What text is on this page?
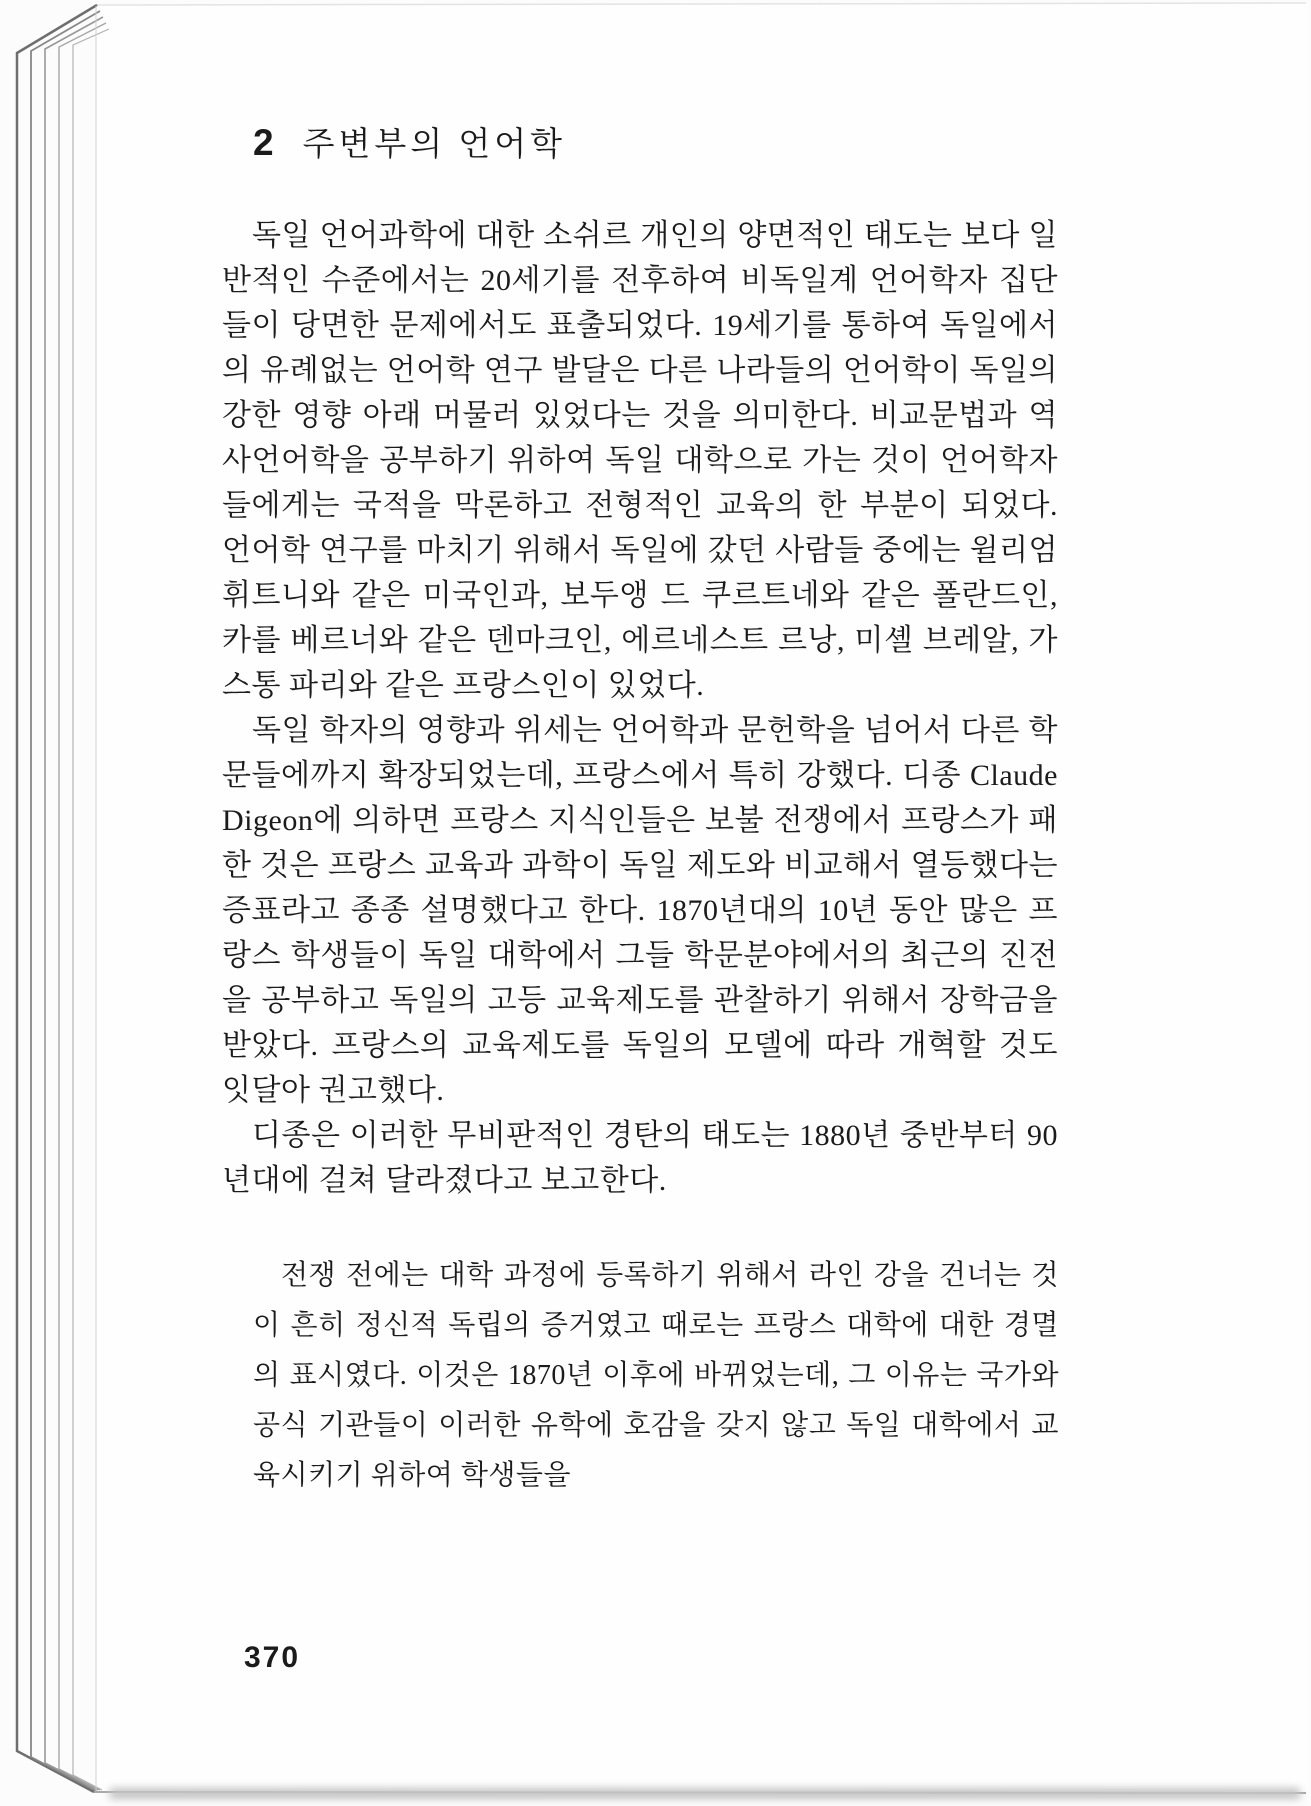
2 주변부의 언어학

독일 언어과학에 대한 소쉬르 개인의 양면적인 태도는 보다 일반적인 수준에서는 20세기를 전후하여 비독일계 언어학자 집단들이 당면한 문제에서도 표출되었다. 19세기를 통하여 독일에서의 유례없는 언어학 연구 발달은 다른 나라들의 언어학이 독일의 강한 영향 아래 머물러 있었다는 것을 의미한다. 비교문법과 역사언어학을 공부하기 위하여 독일 대학으로 가는 것이 언어학자들에게는 국적을 막론하고 전형적인 교육의 한 부분이 되었다. 언어학 연구를 마치기 위해서 독일에 갔던 사람들 중에는 윌리엄 휘트니와 같은 미국인과, 보두앵 드 쿠르트네와 같은 폴란드인, 카를 베르너와 같은 덴마크인, 에르네스트 르낭, 미셸 브레알, 가스통 파리와 같은 프랑스인이 있었다.

독일 학자의 영향과 위세는 언어학과 문헌학을 넘어서 다른 학문들에까지 확장되었는데, 프랑스에서 특히 강했다. 디종 Claude Digeon에 의하면 프랑스 지식인들은 보불 전쟁에서 프랑스가 패한 것은 프랑스 교육과 과학이 독일 제도와 비교해서 열등했다는 증표라고 종종 설명했다고 한다. 1870년대의 10년 동안 많은 프랑스 학생들이 독일 대학에서 그들 학문분야에서의 최근의 진전을 공부하고 독일의 고등 교육제도를 관찰하기 위해서 장학금을 받았다. 프랑스의 교육제도를 독일의 모델에 따라 개혁할 것도 잇달아 권고했다.

디종은 이러한 무비판적인 경탄의 태도는 1880년 중반부터 90년대에 걸쳐 달라졌다고 보고한다.

전쟁 전에는 대학 과정에 등록하기 위해서 라인 강을 건너는 것이 흔히 정신적 독립의 증거였고 때로는 프랑스 대학에 대한 경멸의 표시였다. 이것은 1870년 이후에 바뀌었는데, 그 이유는 국가와 공식 기관들이 이러한 유학에 호감을 갖지 않고 독일 대학에서 교육시키기 위하여 학생들을

370
